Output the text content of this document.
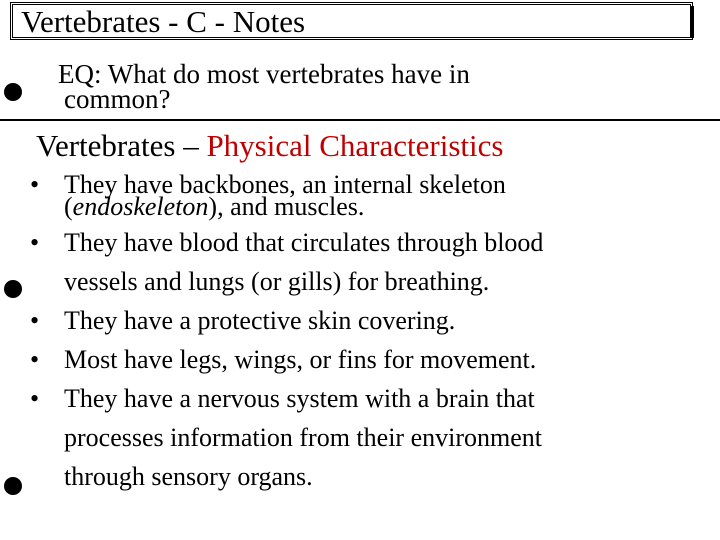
Vertebrates - C - Notes
EQ: What do most vertebrates have in
common?
Vertebrates – Physical Characteristics
• They have backbones, an internal skeleton
(endoskeleton), and muscles.
• They have blood that circulates through blood
vessels and lungs (or gills) for breathing.
• They have a protective skin covering.
• Most have legs, wings, or fins for movement.
• They have a nervous system with a brain that
processes information from their environment
through sensory organs.
